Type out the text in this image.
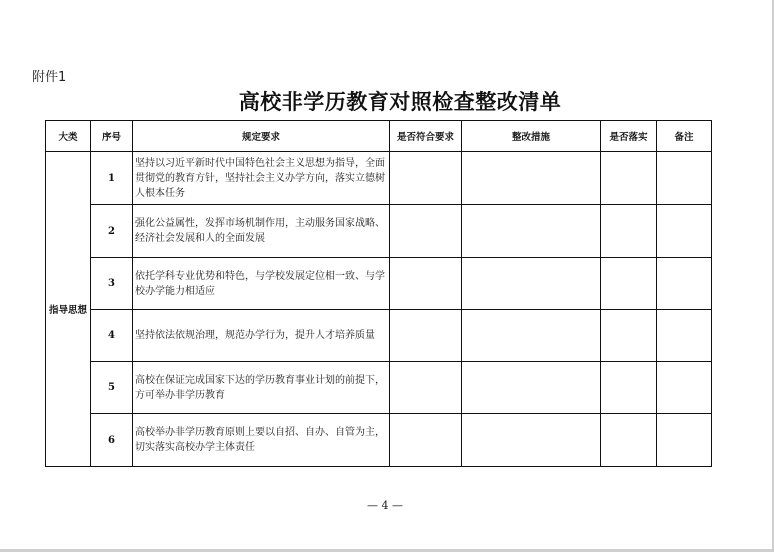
附件1
高校非学历教育对照检查整改清单
大类	序号	规定要求	是否符合要求	整改措施	是否落实	备注
指导思想	1	坚持以习近平新时代中国特色社会主义思想为指导，全面贯彻党的教育方针，坚持社会主义办学方向，落实立德树人根本任务				

	2	强化公益属性，发挥市场机制作用，主动服务国家战略、经济社会发展和人的全面发展				

	3	依托学科专业优势和特色，与学校发展定位相一致、与学校办学能力相适应				

	4	坚持依法依规治理，规范办学行为，提升人才培养质量				

	5	高校在保证完成国家下达的学历教育事业计划的前提下，方可举办非学历教育				

	6	高校举办非学历教育原则上要以自招、自办、自管为主，切实落实高校办学主体责任				

— 4 —
